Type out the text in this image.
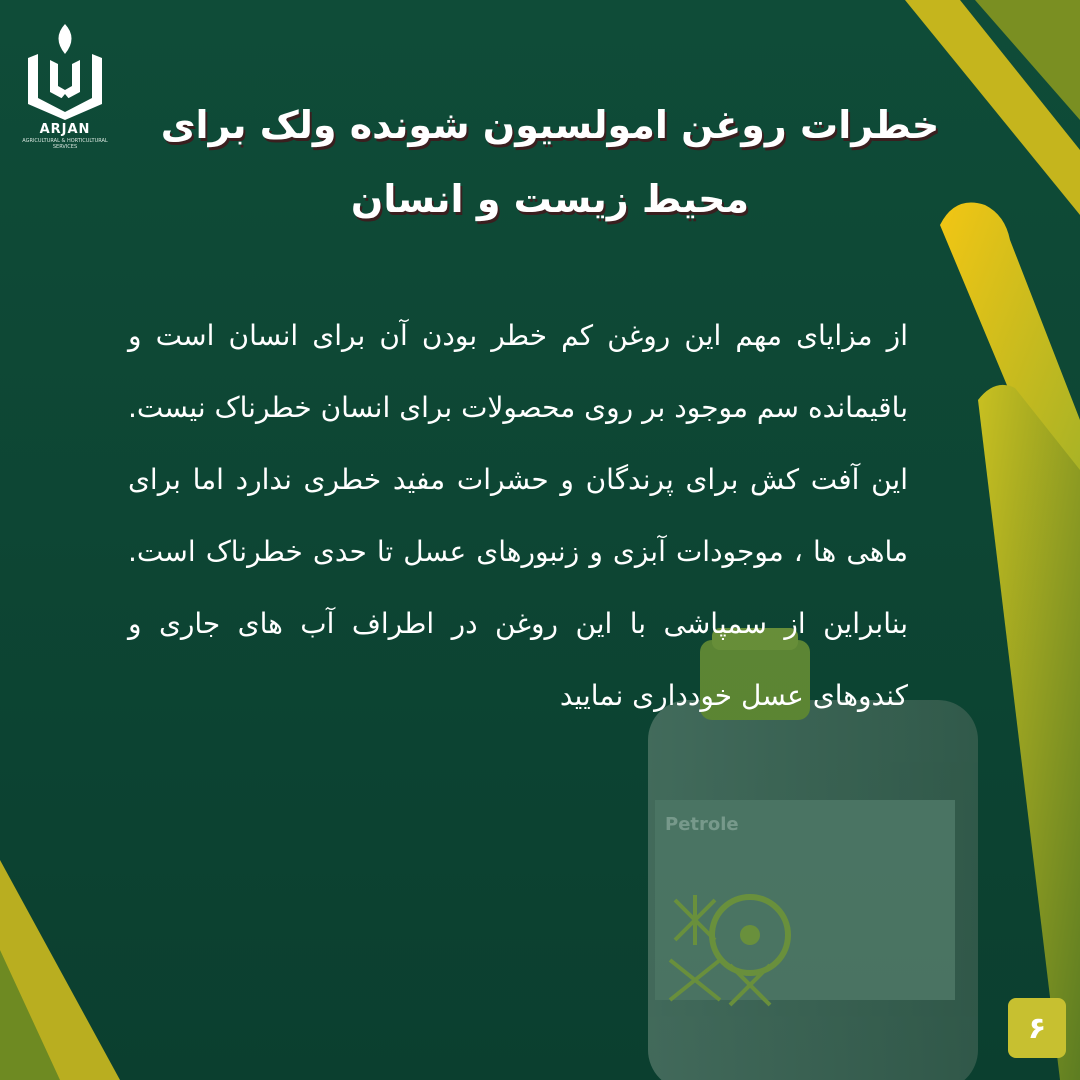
Petrole
ARJAN
AGRICULTURAL & HORTICULTURAL SERVICES	خطرات روغن امولسیون شونده ولک برای محیط زیست و انسان

از مزایای مهم این روغن کم خطر بودن آن برای انسان است و باقیمانده سم موجود بر روی محصولات برای انسان خطرناک نیست. این آفت کش برای پرندگان و حشرات مفید خطری ندارد اما برای ماهی ها ، موجودات آبزی و زنبورهای عسل تا حدی خطرناک است. بنابراین از سمپاشی با این روغن در اطراف آب های جاری و کندوهای عسل خودداری نمایید

۶
